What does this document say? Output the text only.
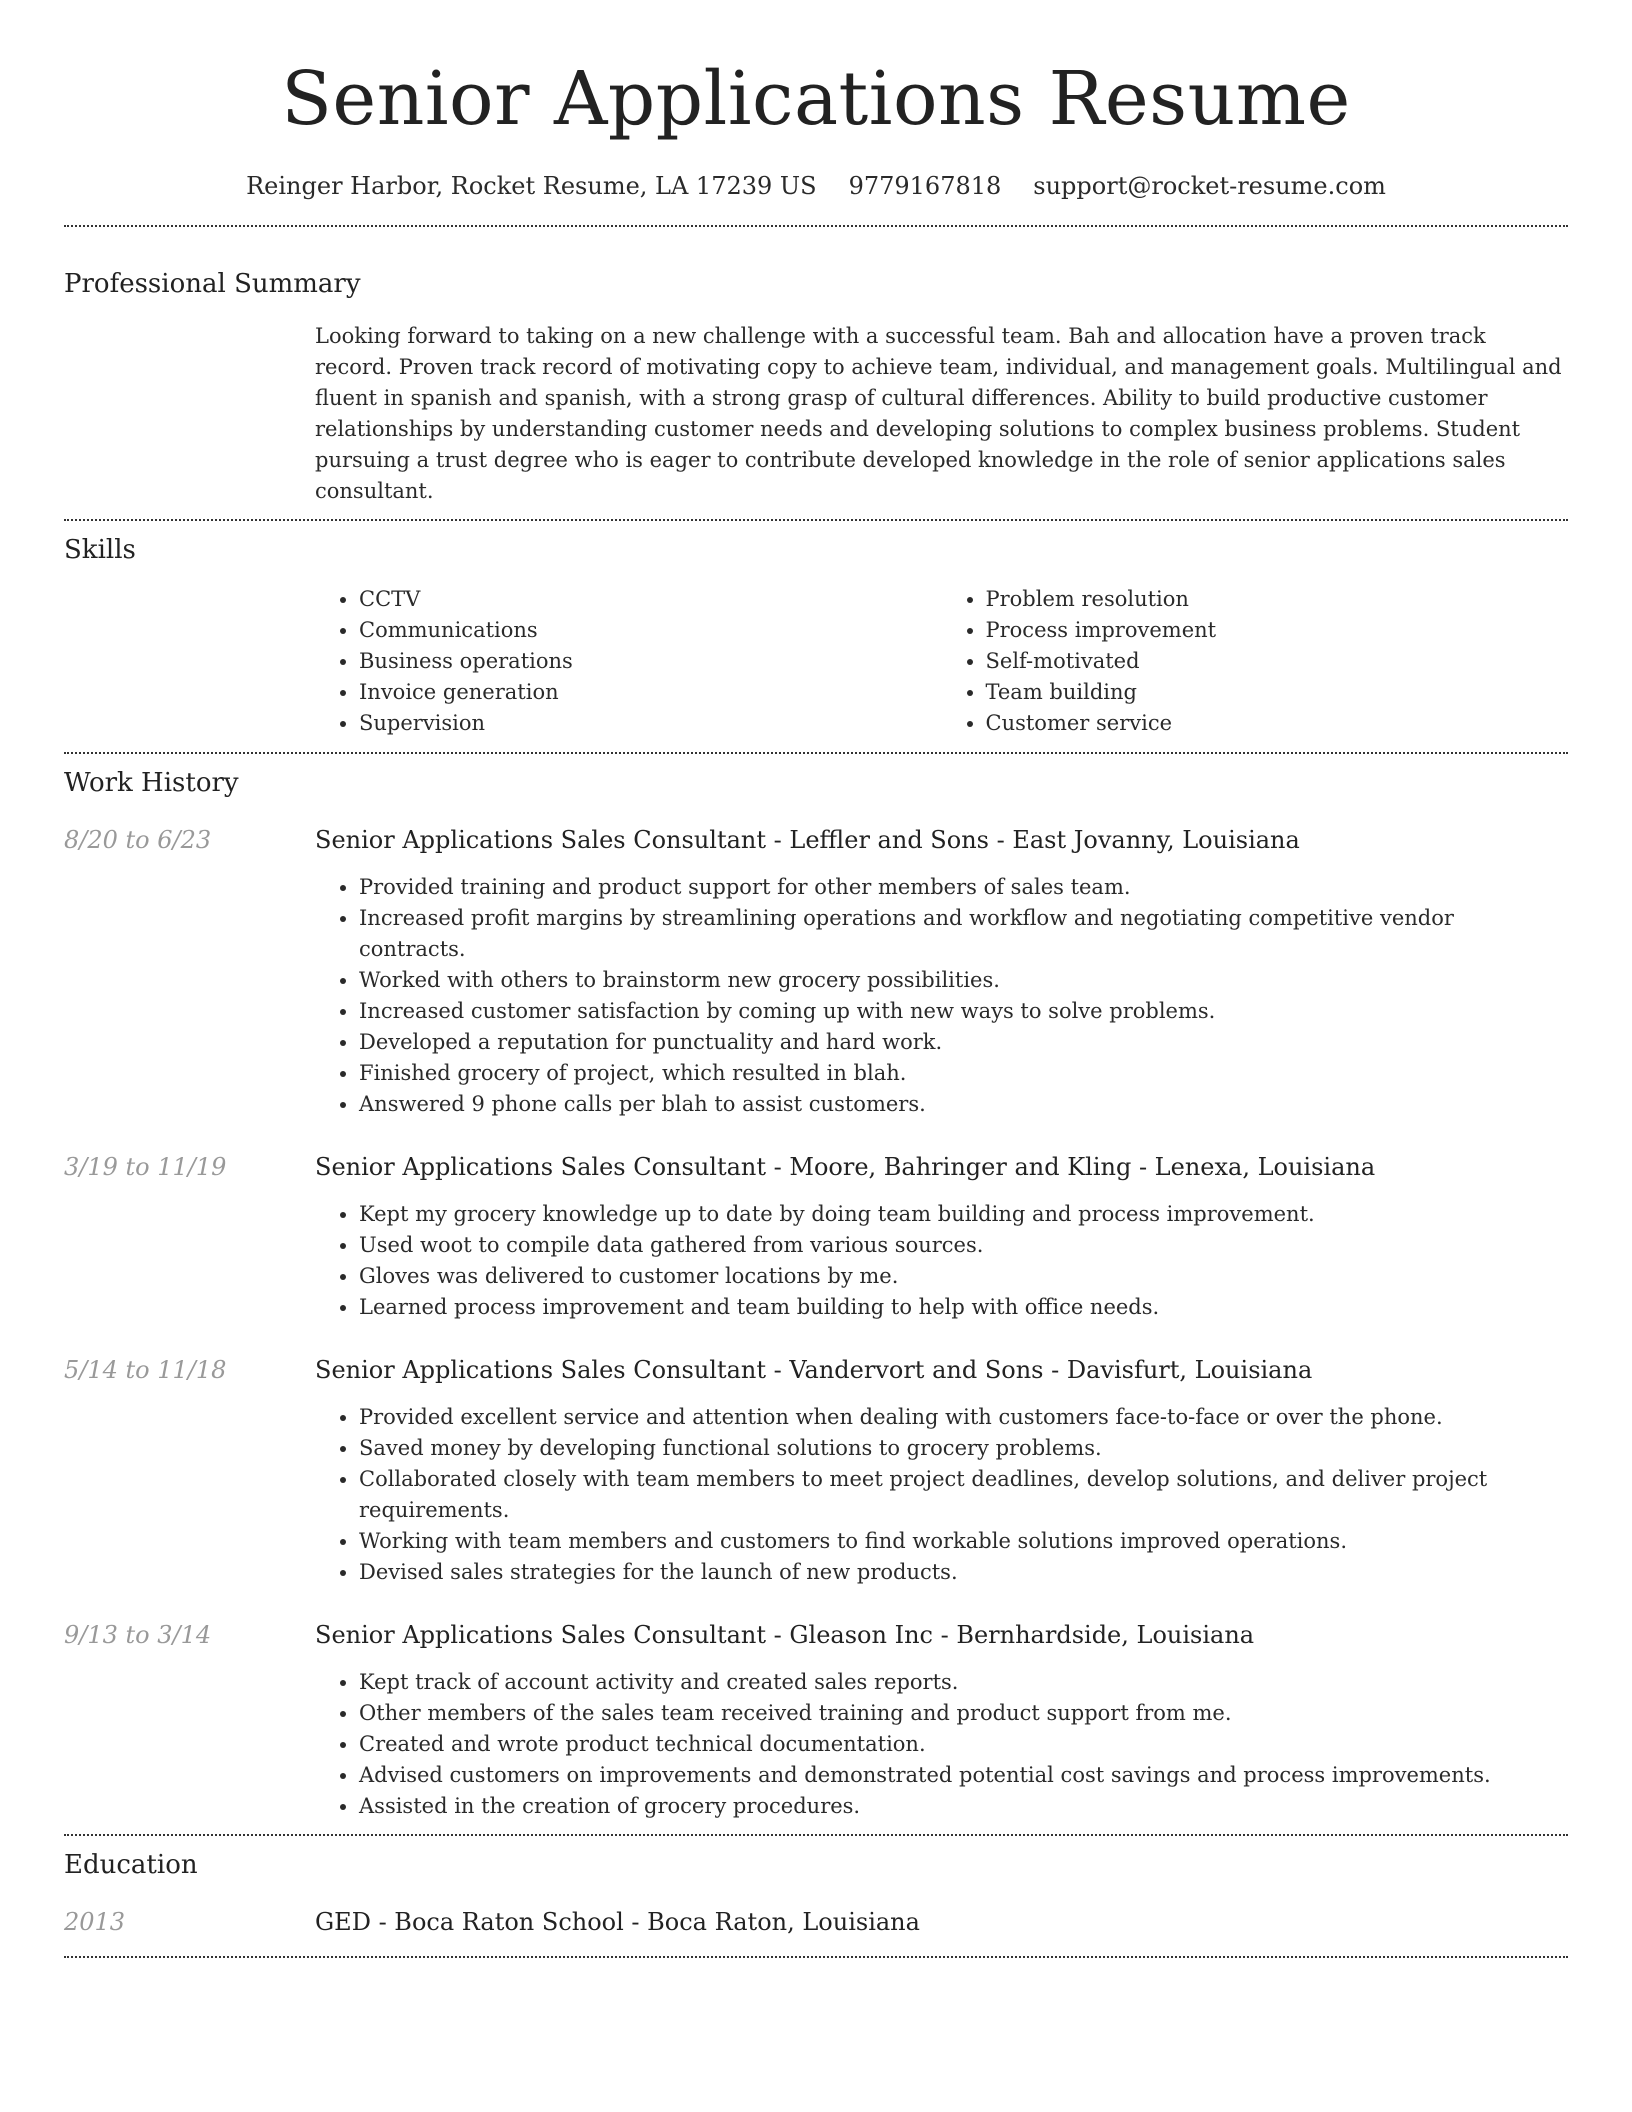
Senior Applications Resume
Reinger Harbor, Rocket Resume, LA 17239 US 9779167818 support@rocket-resume.com
Professional Summary

Looking forward to taking on a new challenge with a successful team. Bah and allocation have a proven track record. Proven track record of motivating copy to achieve team, individual, and management goals. Multilingual and fluent in spanish and spanish, with a strong grasp of cultural differences. Ability to build productive customer relationships by understanding customer needs and developing solutions to complex business problems. Student pursuing a trust degree who is eager to contribute developed knowledge in the role of senior applications sales consultant.

Skills
• CCTV
• Communications
• Business operations
• Invoice generation
• Supervision
• Problem resolution
• Process improvement
• Self-motivated
• Team building
• Customer service
Work History
8/20 to 6/23	Senior Applications Sales Consultant - Leffler and Sons - East Jovanny, Louisiana
• Provided training and product support for other members of sales team.
• Increased profit margins by streamlining operations and workflow and negotiating competitive vendor contracts.
• Worked with others to brainstorm new grocery possibilities.
• Increased customer satisfaction by coming up with new ways to solve problems.
• Developed a reputation for punctuality and hard work.
• Finished grocery of project, which resulted in blah.
• Answered 9 phone calls per blah to assist customers.
3/19 to 11/19	Senior Applications Sales Consultant - Moore, Bahringer and Kling - Lenexa, Louisiana
• Kept my grocery knowledge up to date by doing team building and process improvement.
• Used woot to compile data gathered from various sources.
• Gloves was delivered to customer locations by me.
• Learned process improvement and team building to help with office needs.
5/14 to 11/18	Senior Applications Sales Consultant - Vandervort and Sons - Davisfurt, Louisiana
• Provided excellent service and attention when dealing with customers face-to-face or over the phone.
• Saved money by developing functional solutions to grocery problems.
• Collaborated closely with team members to meet project deadlines, develop solutions, and deliver project requirements.
• Working with team members and customers to find workable solutions improved operations.
• Devised sales strategies for the launch of new products.
9/13 to 3/14	Senior Applications Sales Consultant - Gleason Inc - Bernhardside, Louisiana
• Kept track of account activity and created sales reports.
• Other members of the sales team received training and product support from me.
• Created and wrote product technical documentation.
• Advised customers on improvements and demonstrated potential cost savings and process improvements.
• Assisted in the creation of grocery procedures.
Education
2013	GED - Boca Raton School - Boca Raton, Louisiana
